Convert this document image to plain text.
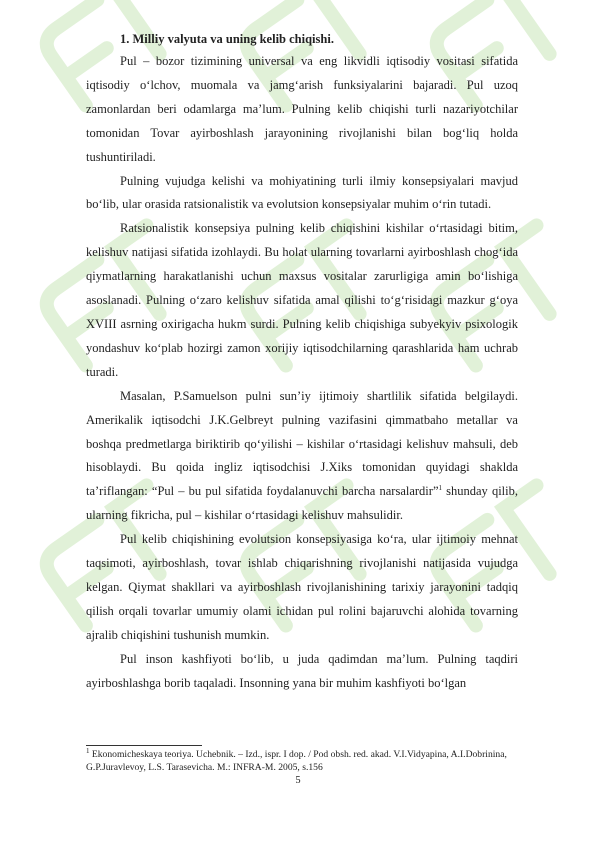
1. Milliy valyuta va uning kelib chiqishi.

Pul – bozor tizimining universal va eng likvidli iqtisodiy vositasi sifatida iqtisodiy o‘lchov, muomala va jamg‘arish funksiyalarini bajaradi. Pul uzoq zamonlardan beri odamlarga ma’lum. Pulning kelib chiqishi turli nazariyotchilar tomonidan Tovar ayirboshlash jarayonining rivojlanishi bilan bog‘liq holda tushuntiriladi.

Pulning vujudga kelishi va mohiyatining turli ilmiy konsepsiyalari mavjud bo‘lib, ular orasida ratsionalistik va evolutsion konsepsiyalar muhim o‘rin tutadi.

Ratsionalistik konsepsiya pulning kelib chiqishini kishilar o‘rtasidagi bitim, kelishuv natijasi sifatida izohlaydi. Bu holat ularning tovarlarni ayirboshlash chog‘ida qiymatlarning harakatlanishi uchun maxsus vositalar zarurligiga amin bo‘lishiga asoslanadi. Pulning o‘zaro kelishuv sifatida amal qilishi to‘g‘risidagi mazkur g‘oya XVIII asrning oxirigacha hukm surdi. Pulning kelib chiqishiga subyekyiv psixologik yondashuv ko‘plab hozirgi zamon xorijiy iqtisodchilarning qarashlarida ham uchrab turadi.

Masalan, P.Samuelson pulni sun’iy ijtimoiy shartlilik sifatida belgilaydi. Amerikalik iqtisodchi J.K.Gelbreyt pulning vazifasini qimmatbaho metallar va boshqa predmetlarga biriktirib qo‘yilishi – kishilar o‘rtasidagi kelishuv mahsuli, deb hisoblaydi. Bu qoida ingliz iqtisodchisi J.Xiks tomonidan quyidagi shaklda ta’riflangan: “Pul – bu pul sifatida foydalanuvchi barcha narsalardir”$^1$ shunday qilib, ularning fikricha, pul – kishilar o‘rtasidagi kelishuv mahsulidir.

Pul kelib chiqishining evolutsion konsepsiyasiga ko‘ra, ular ijtimoiy mehnat taqsimoti, ayirboshlash, tovar ishlab chiqarishning rivojlanishi natijasida vujudga kelgan. Qiymat shakllari va ayirboshlash rivojlanishining tarixiy jarayonini tadqiq qilish orqali tovarlar umumiy olami ichidan pul rolini bajaruvchi alohida tovarning ajralib chiqishini tushunish mumkin.

Pul inson kashfiyoti bo‘lib, u juda qadimdan ma’lum. Pulning taqdiri ayirboshlashga borib taqaladi. Insonning yana bir muhim kashfiyoti bo‘lgan

$^1$ Ekonomicheskaya teoriya. Uchebnik. – Izd., ispr. I dop. / Pod obsh. red. akad. V.I.Vidyapina, A.I.Dobrinina, G.P.Juravlevoy, L.S. Tarasevicha. M.: INFRA-M. 2005, s.156

5
